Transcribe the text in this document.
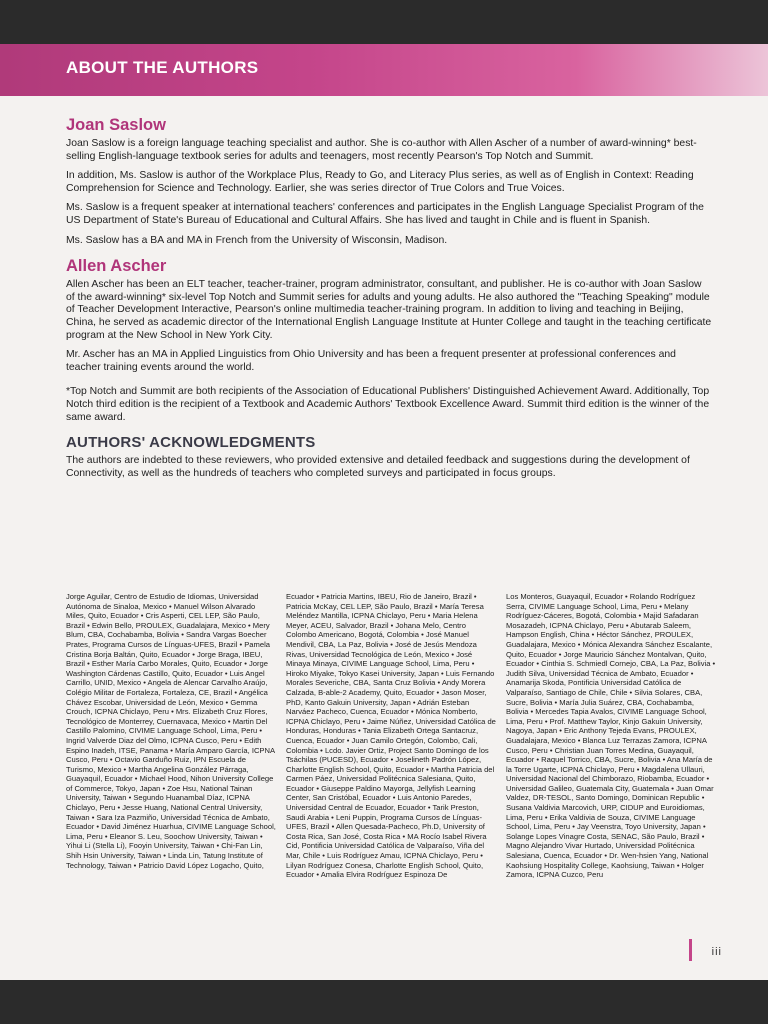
ABOUT THE AUTHORS
Joan Saslow

Joan Saslow is a foreign language teaching specialist and author. She is co-author with Allen Ascher of a number of award-winning* best-selling English-language textbook series for adults and teenagers, most recently Pearson's Top Notch and Summit.

In addition, Ms. Saslow is author of the Workplace Plus, Ready to Go, and Literacy Plus series, as well as of English in Context: Reading Comprehension for Science and Technology. Earlier, she was series director of True Colors and True Voices.

Ms. Saslow is a frequent speaker at international teachers' conferences and participates in the English Language Specialist Program of the US Department of State's Bureau of Educational and Cultural Affairs. She has lived and taught in Chile and is fluent in Spanish.

Ms. Saslow has a BA and MA in French from the University of Wisconsin, Madison.

Allen Ascher

Allen Ascher has been an ELT teacher, teacher-trainer, program administrator, consultant, and publisher. He is co-author with Joan Saslow of the award-winning* six-level Top Notch and Summit series for adults and young adults. He also authored the "Teaching Speaking" module of Teacher Development Interactive, Pearson's online multimedia teacher-training program. In addition to living and teaching in Beijing, China, he served as academic director of the International English Language Institute at Hunter College and taught in the teaching certificate program at the New School in New York City.

Mr. Ascher has an MA in Applied Linguistics from Ohio University and has been a frequent presenter at professional conferences and teacher training events around the world.

*Top Notch and Summit are both recipients of the Association of Educational Publishers' Distinguished Achievement Award. Additionally, Top Notch third edition is the recipient of a Textbook and Academic Authors' Textbook Excellence Award. Summit third edition is the winner of the same award.

AUTHORS' ACKNOWLEDGMENTS

The authors are indebted to these reviewers, who provided extensive and detailed feedback and suggestions during the development of Connectivity, as well as the hundreds of teachers who completed surveys and participated in focus groups.

Jorge Aguilar, Centro de Estudio de Idiomas, Universidad Autónoma de Sinaloa, Mexico • Manuel Wilson Alvarado Miles, Quito, Ecuador • Cris Asperti, CEL LEP, São Paulo, Brazil • Edwin Bello, PROULEX, Guadalajara, Mexico • Mery Blum, CBA, Cochabamba, Bolivia • Sandra Vargas Boecher Prates, Programa Cursos de Línguas-UFES, Brazil • Pamela Cristina Borja Baltán, Quito, Ecuador • Jorge Braga, IBEU, Brazil • Esther María Carbo Morales, Quito, Ecuador • Jorge Washington Cárdenas Castillo, Quito, Ecuador • Luis Angel Carrillo, UNID, Mexico • Angela de Alencar Carvalho Araújo, Colégio Militar de Fortaleza, Fortaleza, CE, Brazil • Angélica Chávez Escobar, Universidad de León, Mexico • Gemma Crouch, ICPNA Chiclayo, Peru • Mrs. Elizabeth Cruz Flores, Tecnológico de Monterrey, Cuernavaca, Mexico • Martin Del Castillo Palomino, CIVIME Language School, Lima, Peru • Ingrid Valverde Diaz del Olmo, ICPNA Cusco, Peru • Edith Espino Inadeh, ITSE, Panama • María Amparo García, ICPNA Cusco, Peru • Octavio Garduño Ruiz, IPN Escuela de Turismo, Mexico • Martha Angelina González Párraga, Guayaquil, Ecuador • Michael Hood, Nihon University College of Commerce, Tokyo, Japan • Zoe Hsu, National Tainan University, Taiwan • Segundo Huanambal Díaz, ICPNA Chiclayo, Peru • Jesse Huang, National Central University, Taiwan • Sara Iza Pazmiño, Universidad Técnica de Ambato, Ecuador • David Jiménez Huarhua, CIVIME Language School, Lima, Peru • Eleanor S. Leu, Soochow University, Taiwan • Yihui Li (Stella Li), Fooyin University, Taiwan • Chi-Fan Lin, Shih Hsin University, Taiwan • Linda Lin, Tatung Institute of Technology, Taiwan • Patricio David López Logacho, Quito,
Ecuador • Patricia Martins, IBEU, Rio de Janeiro, Brazil • Patricia McKay, CEL LEP, São Paulo, Brazil • María Teresa Meléndez Mantilla, ICPNA Chiclayo, Peru • Maria Helena Meyer, ACEU, Salvador, Brazil • Johana Melo, Centro Colombo Americano, Bogotá, Colombia • José Manuel Mendivil, CBA, La Paz, Bolivia • José de Jesús Mendoza Rivas, Universidad Tecnológica de León, Mexico • José Minaya Minaya, CIVIME Language School, Lima, Peru • Hiroko Miyake, Tokyo Kasei University, Japan • Luis Fernando Morales Severiche, CBA, Santa Cruz Bolivia • Andy Morera Calzada, B-able-2 Academy, Quito, Ecuador • Jason Moser, PhD, Kanto Gakuin University, Japan • Adrián Esteban Narváez Pacheco, Cuenca, Ecuador • Mónica Nomberto, ICPNA Chiclayo, Peru • Jaime Núñez, Universidad Católica de Honduras, Honduras • Tania Elizabeth Ortega Santacruz, Cuenca, Ecuador • Juan Camilo Ortegón, Colombo, Cali, Colombia • Lcdo. Javier Ortiz, Project Santo Domingo de los Tsáchilas (PUCESD), Ecuador • Joselineth Padrón López, Charlotte English School, Quito, Ecuador • Martha Patricia del Carmen Páez, Universidad Politécnica Salesiana, Quito, Ecuador • Giuseppe Paldino Mayorga, Jellyfish Learning Center, San Cristóbal, Ecuador • Luis Antonio Paredes, Universidad Central de Ecuador, Ecuador • Tarik Preston, Saudi Arabia • Leni Puppin, Programa Cursos de Línguas-UFES, Brazil • Allen Quesada-Pacheco, Ph.D, University of Costa Rica, San José, Costa Rica • MA Rocío Isabel Rivera Cid, Pontificia Universidad Católica de Valparaíso, Viña del Mar, Chile • Luis Rodríguez Amau, ICPNA Chiclayo, Peru • Lilyan Rodríguez Conesa, Charlotte English School, Quito, Ecuador • Amalia Elvira Rodríguez Espinoza De
Los Monteros, Guayaquil, Ecuador • Rolando Rodríguez Serra, CIVIME Language School, Lima, Peru • Melany Rodríguez-Cáceres, Bogotá, Colombia • Majid Safadaran Mosazadeh, ICPNA Chiclayo, Peru • Abutarab Saleem, Hampson English, China • Héctor Sánchez, PROULEX, Guadalajara, Mexico • Mónica Alexandra Sánchez Escalante, Quito, Ecuador • Jorge Mauricio Sánchez Montalvan, Quito, Ecuador • Cinthia S. Schmiedl Cornejo, CBA, La Paz, Bolivia • Judith Silva, Universidad Técnica de Ambato, Ecuador • Anamarija Skoda, Pontificia Universidad Católica de Valparaíso, Santiago de Chile, Chile • Silvia Solares, CBA, Sucre, Bolivia • María Julia Suárez, CBA, Cochabamba, Bolivia • Mercedes Tapia Avalos, CIVIME Language School, Lima, Peru • Prof. Matthew Taylor, Kinjo Gakuin University, Nagoya, Japan • Eric Anthony Tejeda Evans, PROULEX, Guadalajara, Mexico • Blanca Luz Terrazas Zamora, ICPNA Cusco, Peru • Christian Juan Torres Medina, Guayaquil, Ecuador • Raquel Torrico, CBA, Sucre, Bolivia • Ana María de la Torre Ugarte, ICPNA Chiclayo, Peru • Magdalena Ullauri, Universidad Nacional del Chimborazo, Riobamba, Ecuador • Universidad Galileo, Guatemala City, Guatemala • Juan Omar Valdez, DR-TESOL, Santo Domingo, Dominican Republic • Susana Valdivia Marcovich, URP, CIDUP and Euroidiomas, Lima, Peru • Erika Valdivia de Souza, CIVIME Language School, Lima, Peru • Jay Veenstra, Toyo University, Japan • Solange Lopes Vinagre Costa, SENAC, São Paulo, Brazil • Magno Alejandro Vivar Hurtado, Universidad Politécnica Salesiana, Cuenca, Ecuador • Dr. Wen-hsien Yang, National Kaohsiung Hospitality College, Kaohsiung, Taiwan • Holger Zamora, ICPNA Cuzco, Peru
iii
